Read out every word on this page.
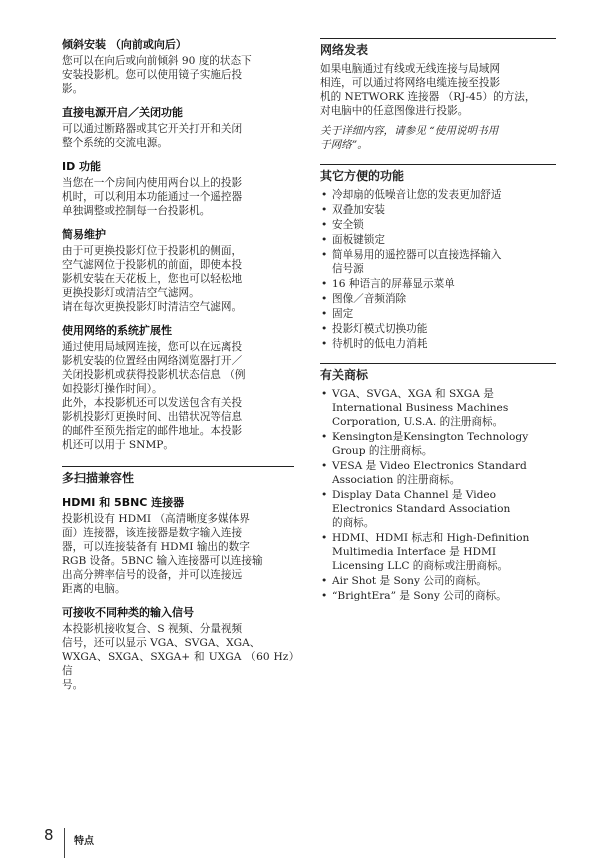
倾斜安装 （向前或向后）

您可以在向后或向前倾斜 90 度的状态下
安装投影机。您可以使用镜子实施后投
影。

直接电源开启／关闭功能

可以通过断路器或其它开关打开和关闭
整个系统的交流电源。

ID 功能

当您在一个房间内使用两台以上的投影
机时，可以利用本功能通过一个遥控器
单独调整或控制每一台投影机。

简易维护

由于可更换投影灯位于投影机的侧面，
空气滤网位于投影机的前面，即使本投
影机安装在天花板上，您也可以轻松地
更换投影灯或清洁空气滤网。
请在每次更换投影灯时清洁空气滤网。

使用网络的系统扩展性

通过使用局域网连接，您可以在远离投
影机安装的位置经由网络浏览器打开／
关闭投影机或获得投影机状态信息 （例
如投影灯操作时间）。
此外，本投影机还可以发送包含有关投
影机投影灯更换时间、出错状况等信息
的邮件至预先指定的邮件地址。本投影
机还可以用于 SNMP。

多扫描兼容性
HDMI 和 5BNC 连接器

投影机设有 HDMI （高清晰度多媒体界
面）连接器，该连接器是数字输入连接
器，可以连接装备有 HDMI 输出的数字
RGB 设备。5BNC 输入连接器可以连接输
出高分辨率信号的设备，并可以连接远
距离的电脑。

可接收不同种类的输入信号

本投影机接收复合、S 视频、分量视频
信号，还可以显示 VGA、SVGA、XGA、
WXGA、SXGA、SXGA+ 和 UXGA （60 Hz）信
号。

网络发表

如果电脑通过有线或无线连接与局域网
相连，可以通过将网络电缆连接至投影
机的 NETWORK 连接器 （RJ-45）的方法，
对电脑中的任意图像进行投影。

关于详细内容，请参见 “使用说明书用
于网络”。

其它方便的功能
• 冷却扇的低噪音让您的发表更加舒适
• 双叠加安装
• 安全锁
• 面板键锁定
• 简单易用的遥控器可以直接选择输入
信号源
• 16 种语言的屏幕显示菜单
• 图像／音频消除
• 固定
• 投影灯模式切换功能
• 待机时的低电力消耗
有关商标
• VGA、SVGA、XGA 和 SXGA 是
International Business Machines
Corporation, U.S.A. 的注册商标。
• Kensington是Kensington Technology
Group 的注册商标。
• VESA 是 Video Electronics Standard
Association 的注册商标。
• Display Data Channel 是 Video
Electronics Standard Association
的商标。
• HDMI、HDMI 标志和 High-Definition
Multimedia Interface 是 HDMI
Licensing LLC 的商标或注册商标。
• Air Shot 是 Sony 公司的商标。
• “BrightEra” 是 Sony 公司的商标。
8 特点
